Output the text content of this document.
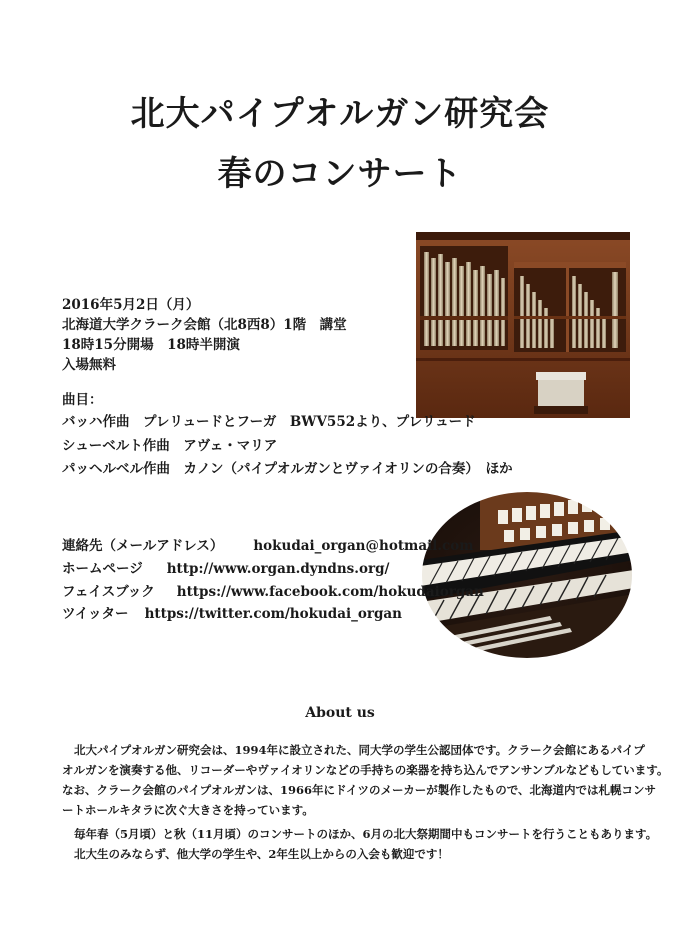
北大パイプオルガン研究会
春のコンサート
2016年5月2日（月）
北海道大学クラーク会館（北8西8）1階　講堂
18時15分開場　18時半開演
入場無料
曲目：
バッハ作曲　プレリュードとフーガ　BWV552より、プレリュード
シューベルト作曲　アヴェ・マリア
パッヘルベル作曲　カノン（パイプオルガンとヴァイオリンの合奏）　ほか
連絡先（メールアドレス） hokudai_organ@hotmail.com
ホームページ http://www.organ.dyndns.org/
フェイスブック https://www.facebook.com/hokudaiorgan
ツイッター https://twitter.com/hokudai_organ
About us
北大パイプオルガン研究会は、1994年に設立された、同大学の学生公認団体です。クラーク会館にあるパイプ
オルガンを演奏する他、リコーダーやヴァイオリンなどの手持ちの楽器を持ち込んでアンサンブルなどもしています。
なお、クラーク会館のパイプオルガンは、1966年にドイツのメーカーが製作したもので、北海道内では札幌コンサ
ートホールキタラに次ぐ大きさを持っています。
毎年春（5月頃）と秋（11月頃）のコンサートのほか、6月の北大祭期間中もコンサートを行うこともあります。
北大生のみならず、他大学の学生や、2年生以上からの入会も歓迎です！
